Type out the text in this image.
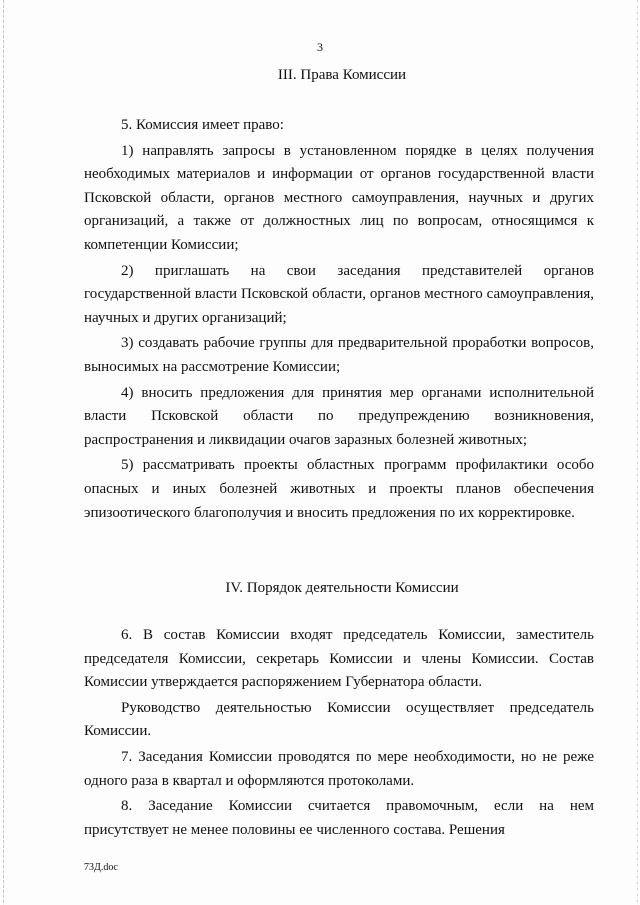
3
III. Права Комиссии

5. Комиссия имеет право:

1) направлять запросы в установленном порядке в целях получения необходимых материалов и информации от органов государственной власти Псковской области, органов местного самоуправления, научных и других организаций, а также от должностных лиц по вопросам, относящимся к компетенции Комиссии;

2) приглашать на свои заседания представителей органов государственной власти Псковской области, органов местного самоуправления, научных и других организаций;

3) создавать рабочие группы для предварительной проработки вопросов, выносимых на рассмотрение Комиссии;

4) вносить предложения для принятия мер органами исполнительной власти Псковской области по предупреждению возникновения, распространения и ликвидации очагов заразных болезней животных;

5) рассматривать проекты областных программ профилактики особо опасных и иных болезней животных и проекты планов обеспечения эпизоотического благополучия и вносить предложения по их корректировке.

IV. Порядок деятельности Комиссии

6. В состав Комиссии входят председатель Комиссии, заместитель председателя Комиссии, секретарь Комиссии и члены Комиссии. Состав Комиссии утверждается распоряжением Губернатора области.

Руководство деятельностью Комиссии осуществляет председатель Комиссии.

7. Заседания Комиссии проводятся по мере необходимости, но не реже одного раза в квартал и оформляются протоколами.

8. Заседание Комиссии считается правомочным, если на нем присутствует не менее половины ее численного состава. Решения

73Д.doc
